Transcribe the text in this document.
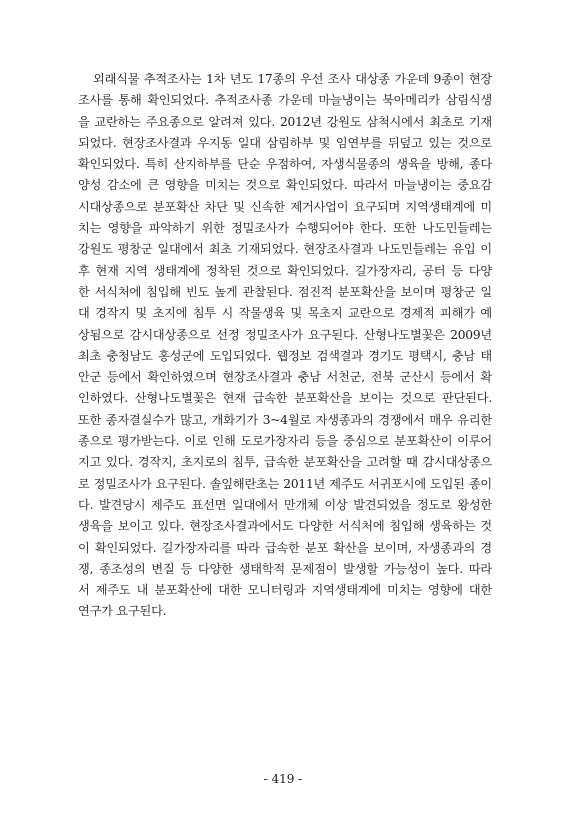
외래식물 추적조사는 1차 년도 17종의 우선 조사 대상종 가운데 9종이 현장
조사를 통해 확인되었다. 추적조사종 가운데 마늘냉이는 북아메리카 삼림식생
을 교란하는 주요종으로 알려져 있다. 2012년 강원도 삼척시에서 최초로 기재
되었다. 현장조사결과 우지동 일대 삼림하부 및 임연부를 뒤덮고 있는 것으로
확인되었다. 특히 산지하부를 단순 우점하여, 자생식물종의 생육을 방해, 종다
양성 감소에 큰 영향을 미치는 것으로 확인되었다. 따라서 마늘냉이는 중요감
시대상종으로 분포확산 차단 및 신속한 제거사업이 요구되며 지역생태계에 미
치는 영향을 파악하기 위한 정밀조사가 수행되어야 한다. 또한 나도민들레는
강원도 평창군 일대에서 최초 기재되었다. 현장조사결과 나도민들레는 유입 이
후 현재 지역 생태계에 정착된 것으로 확인되었다. 길가장자리, 공터 등 다양
한 서식처에 침입해 빈도 높게 관찰된다. 점진적 분포확산을 보이며 평창군 일
대 경작지 및 초지에 침투 시 작물생육 및 목초지 교란으로 경제적 피해가 예
상됨으로 감시대상종으로 선정 정밀조사가 요구된다. 산형나도별꽃은 2009년
최초 충청남도 홍성군에 도입되었다. 웹정보 검색결과 경기도 평택시, 충남 태
안군 등에서 확인하였으며 현장조사결과 충남 서천군, 전북 군산시 등에서 확
인하였다. 산형나도별꽃은 현재 급속한 분포확산을 보이는 것으로 판단된다.
또한 종자결실수가 많고, 개화기가 3~4월로 자생종과의 경쟁에서 매우 유리한
종으로 평가받는다. 이로 인해 도로가장자리 등을 중심으로 분포확산이 이루어
지고 있다. 경작지, 초지로의 침투, 급속한 분포확산을 고려할 때 감시대상종으
로 정밀조사가 요구된다. 솔잎해란초는 2011년 제주도 서귀포시에 도입된 종이
다. 발견당시 제주도 표선면 일대에서 만개체 이상 발견되었을 정도로 왕성한
생육을 보이고 있다. 현장조사결과에서도 다양한 서식처에 침입해 생육하는 것
이 확인되었다. 길가장자리를 따라 급속한 분포 확산을 보이며, 자생종과의 경
쟁, 종조성의 변질 등 다양한 생태학적 문제점이 발생할 가능성이 높다. 따라
서 제주도 내 분포확산에 대한 모니터링과 지역생태계에 미치는 영향에 대한
연구가 요구된다.
- 419 -
